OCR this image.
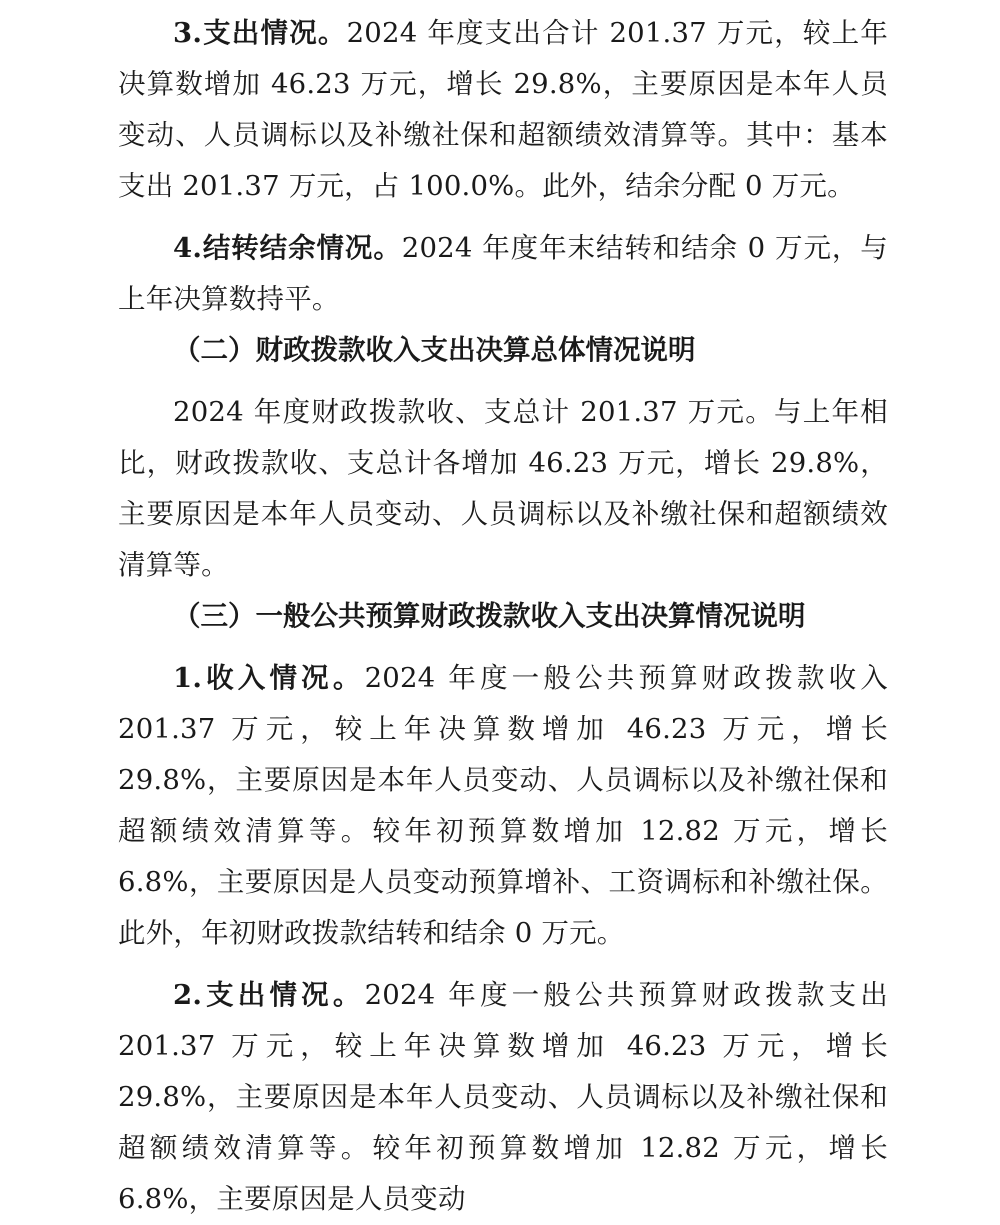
3.支出情况。2024 年度支出合计 201.37 万元，较上年决算数增加 46.23 万元，增长 29.8%，主要原因是本年人员变动、人员调标以及补缴社保和超额绩效清算等。其中：基本支出 201.37 万元，占 100.0%。此外，结余分配 0 万元。

4.结转结余情况。2024 年度年末结转和结余 0 万元，与上年决算数持平。

（二）财政拨款收入支出决算总体情况说明

2024 年度财政拨款收、支总计 201.37 万元。与上年相比，财政拨款收、支总计各增加 46.23 万元，增长 29.8%，主要原因是本年人员变动、人员调标以及补缴社保和超额绩效清算等。

（三）一般公共预算财政拨款收入支出决算情况说明

1.收入情况。2024 年度一般公共预算财政拨款收入 201.37 万元，较上年决算数增加 46.23 万元，增长 29.8%，主要原因是本年人员变动、人员调标以及补缴社保和超额绩效清算等。较年初预算数增加 12.82 万元，增长 6.8%，主要原因是人员变动预算增补、工资调标和补缴社保。此外，年初财政拨款结转和结余 0 万元。

2.支出情况。2024 年度一般公共预算财政拨款支出 201.37 万元，较上年决算数增加 46.23 万元，增长 29.8%，主要原因是本年人员变动、人员调标以及补缴社保和超额绩效清算等。较年初预算数增加 12.82 万元，增长 6.8%，主要原因是人员变动
